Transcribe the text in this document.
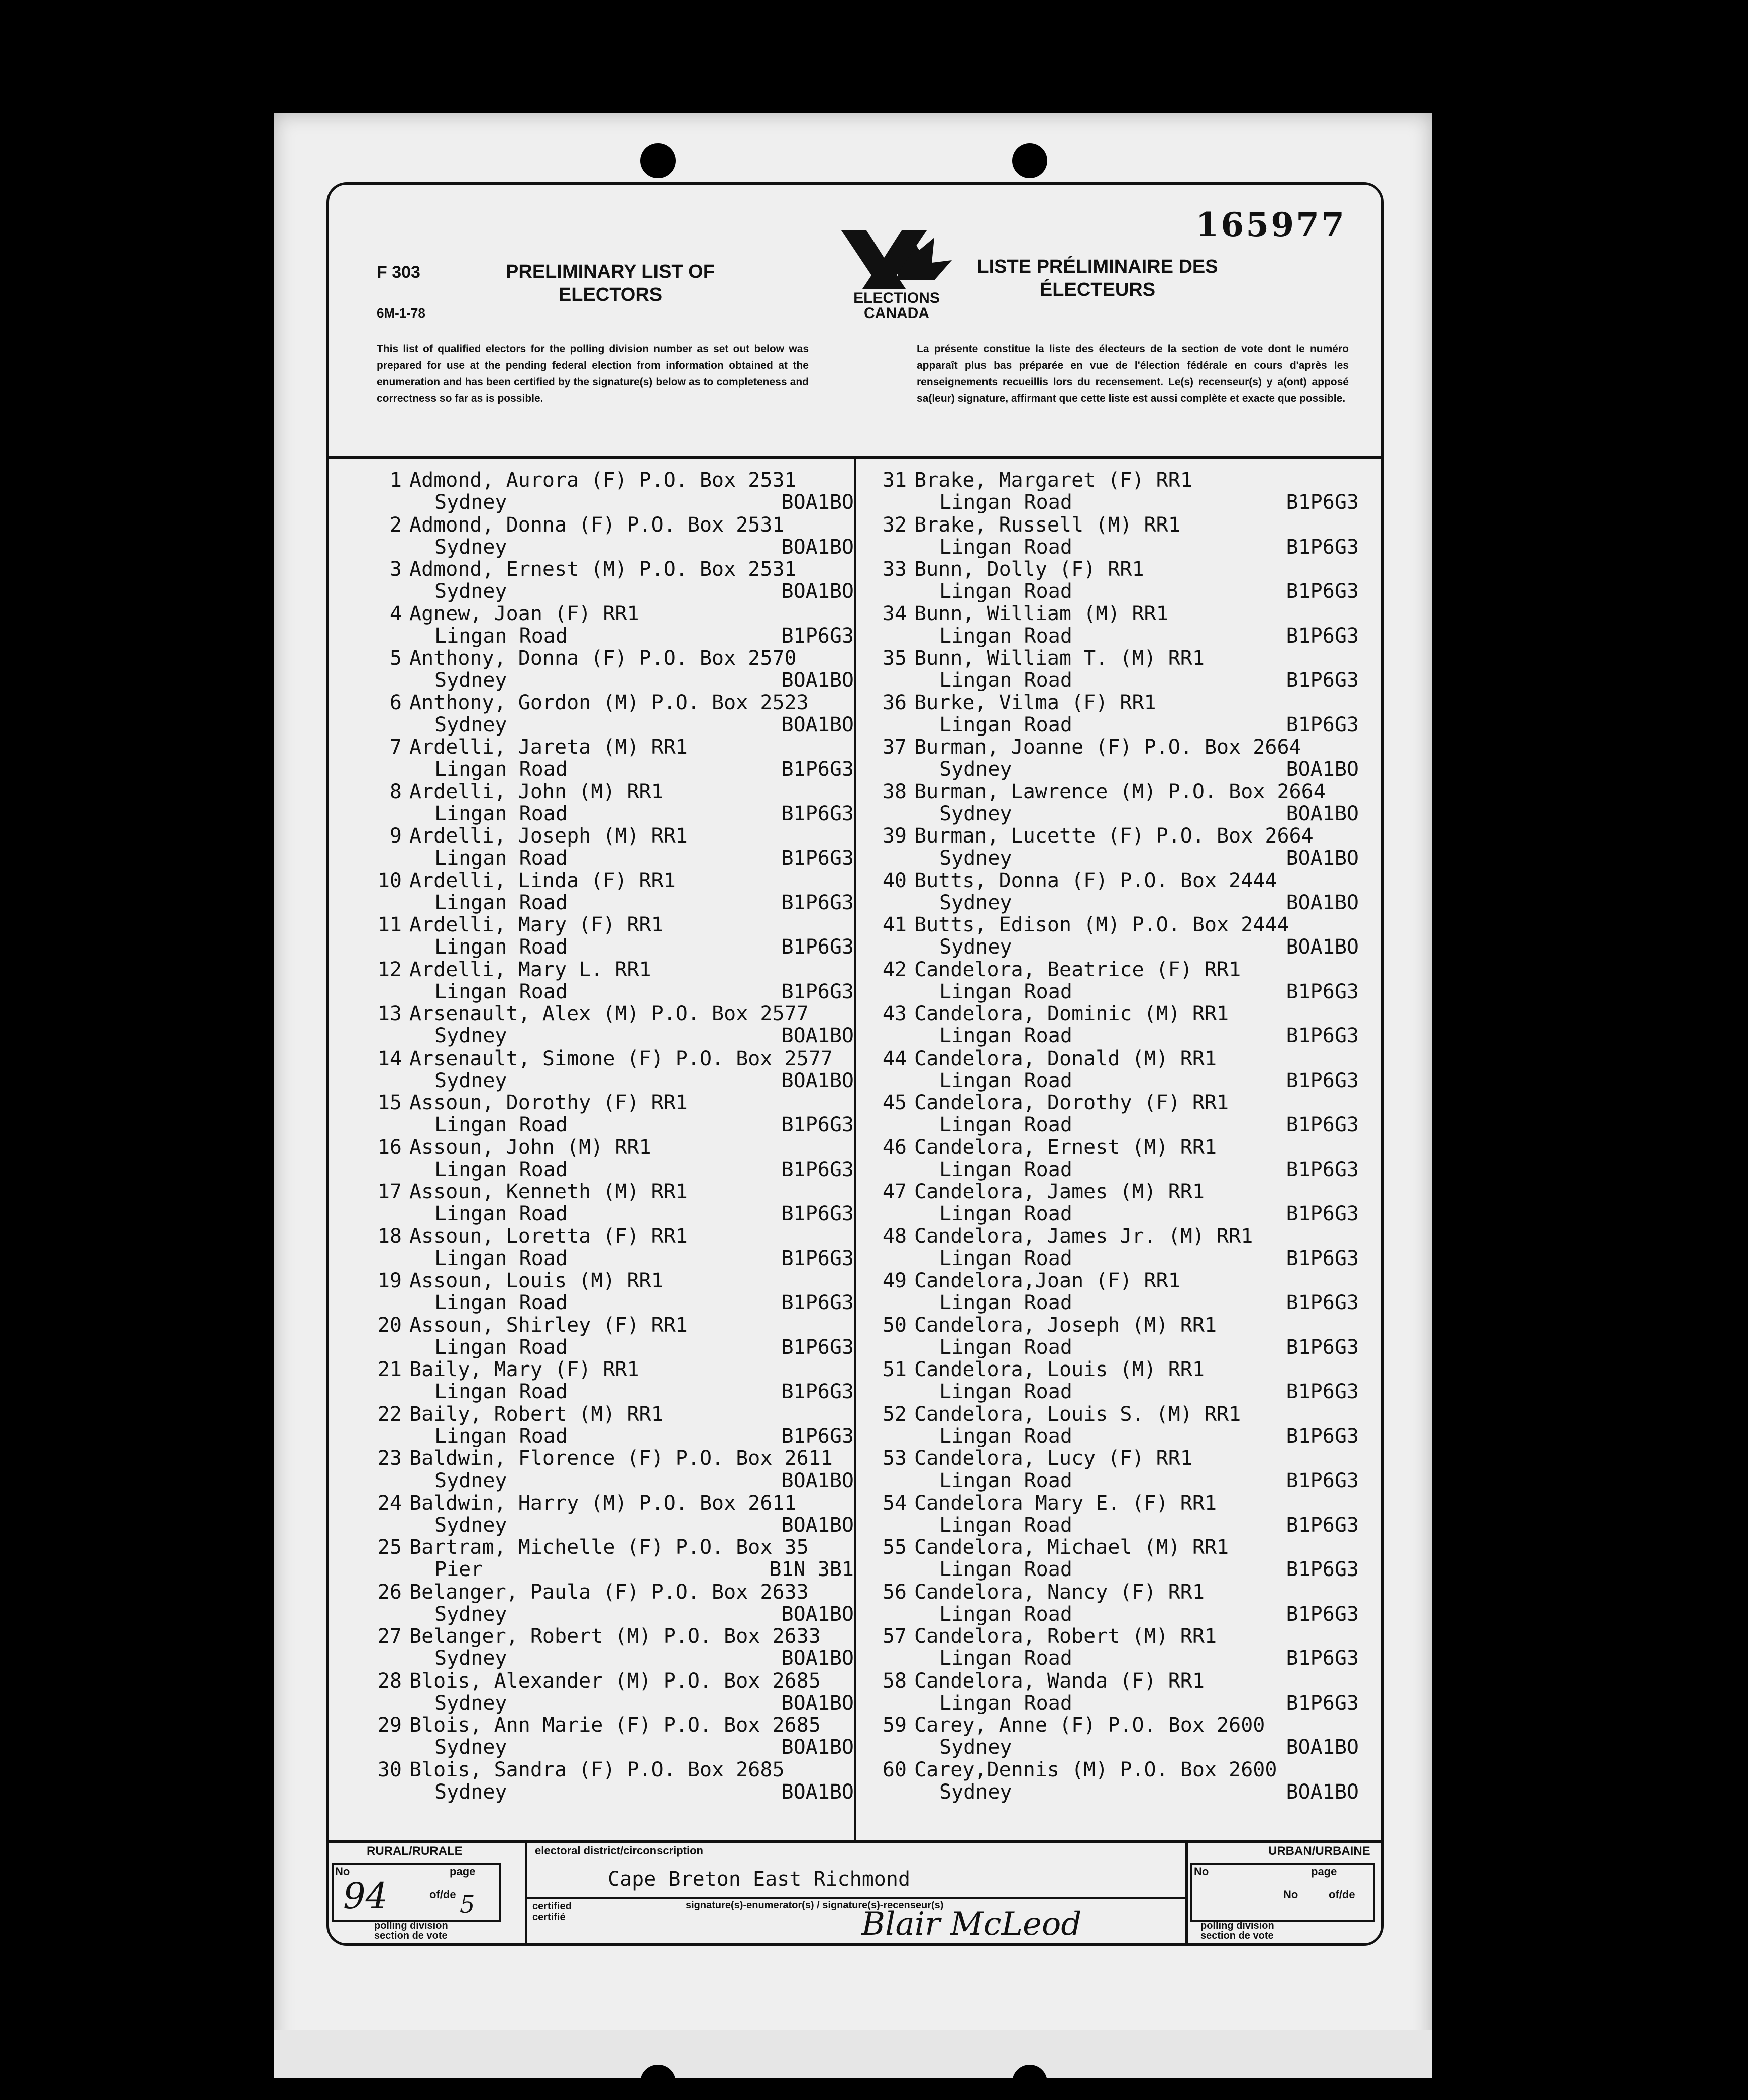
165977
F 303
6M-1-78
PRELIMINARY LIST OF ELECTORS
LISTE PRÉLIMINAIRE DES ÉLECTEURS
ELECTIONS
CANADA
This list of qualified electors for the polling division number as set out below was prepared for use at the pending federal election from information obtained at the enumeration and has been certified by the signature(s) below as to completeness and correctness so far as is possible.
La présente constitue la liste des électeurs de la section de vote dont le numéro apparaît plus bas préparée en vue de l'élection fédérale en cours d'après les renseignements recueillis lors du recensement. Le(s) recenseur(s) y a(ont) apposé sa(leur) signature, affirmant que cette liste est aussi complète et exacte que possible.
1 Admond, Aurora (F) P.O. Box 2531
Sydney	BOA1BO
2 Admond, Donna (F) P.O. Box 2531
Sydney	BOA1BO
3 Admond, Ernest (M) P.O. Box 2531
Sydney	BOA1BO
4 Agnew, Joan (F) RR1
Lingan Road	B1P6G3
5 Anthony, Donna (F) P.O. Box 2570
Sydney	BOA1BO
6 Anthony, Gordon (M) P.O. Box 2523
Sydney	BOA1BO
7 Ardelli, Jareta (M) RR1
Lingan Road	B1P6G3
8 Ardelli, John (M) RR1
Lingan Road	B1P6G3
9 Ardelli, Joseph (M) RR1
Lingan Road	B1P6G3
10 Ardelli, Linda (F) RR1
Lingan Road	B1P6G3
11 Ardelli, Mary (F) RR1
Lingan Road	B1P6G3
12 Ardelli, Mary L. RR1
Lingan Road	B1P6G3
13 Arsenault, Alex (M) P.O. Box 2577
Sydney	BOA1BO
14 Arsenault, Simone (F) P.O. Box 2577
Sydney	BOA1BO
15 Assoun, Dorothy (F) RR1
Lingan Road	B1P6G3
16 Assoun, John (M) RR1
Lingan Road	B1P6G3
17 Assoun, Kenneth (M) RR1
Lingan Road	B1P6G3
18 Assoun, Loretta (F) RR1
Lingan Road	B1P6G3
19 Assoun, Louis (M) RR1
Lingan Road	B1P6G3
20 Assoun, Shirley (F) RR1
Lingan Road	B1P6G3
21 Baily, Mary (F) RR1
Lingan Road	B1P6G3
22 Baily, Robert (M) RR1
Lingan Road	B1P6G3
23 Baldwin, Florence (F) P.O. Box 2611
Sydney	BOA1BO
24 Baldwin, Harry (M) P.O. Box 2611
Sydney	BOA1BO
25 Bartram, Michelle (F) P.O. Box 35
Pier	B1N 3B1
26 Belanger, Paula (F) P.O. Box 2633
Sydney	BOA1BO
27 Belanger, Robert (M) P.O. Box 2633
Sydney	BOA1BO
28 Blois, Alexander (M) P.O. Box 2685
Sydney	BOA1BO
29 Blois, Ann Marie (F) P.O. Box 2685
Sydney	BOA1BO
30 Blois, Sandra (F) P.O. Box 2685
Sydney	BOA1BO
31 Brake, Margaret (F) RR1
Lingan Road	B1P6G3
32 Brake, Russell (M) RR1
Lingan Road	B1P6G3
33 Bunn, Dolly (F) RR1
Lingan Road	B1P6G3
34 Bunn, William (M) RR1
Lingan Road	B1P6G3
35 Bunn, William T. (M) RR1
Lingan Road	B1P6G3
36 Burke, Vilma (F) RR1
Lingan Road	B1P6G3
37 Burman, Joanne (F) P.O. Box 2664
Sydney	BOA1BO
38 Burman, Lawrence (M) P.O. Box 2664
Sydney	BOA1BO
39 Burman, Lucette (F) P.O. Box 2664
Sydney	BOA1BO
40 Butts, Donna (F) P.O. Box 2444
Sydney	BOA1BO
41 Butts, Edison (M) P.O. Box 2444
Sydney	BOA1BO
42 Candelora, Beatrice (F) RR1
Lingan Road	B1P6G3
43 Candelora, Dominic (M) RR1
Lingan Road	B1P6G3
44 Candelora, Donald (M) RR1
Lingan Road	B1P6G3
45 Candelora, Dorothy (F) RR1
Lingan Road	B1P6G3
46 Candelora, Ernest (M) RR1
Lingan Road	B1P6G3
47 Candelora, James (M) RR1
Lingan Road	B1P6G3
48 Candelora, James Jr. (M) RR1
Lingan Road	B1P6G3
49 Candelora,Joan (F) RR1
Lingan Road	B1P6G3
50 Candelora, Joseph (M) RR1
Lingan Road	B1P6G3
51 Candelora, Louis (M) RR1
Lingan Road	B1P6G3
52 Candelora, Louis S. (M) RR1
Lingan Road	B1P6G3
53 Candelora, Lucy (F) RR1
Lingan Road	B1P6G3
54 Candelora Mary E. (F) RR1
Lingan Road	B1P6G3
55 Candelora, Michael (M) RR1
Lingan Road	B1P6G3
56 Candelora, Nancy (F) RR1
Lingan Road	B1P6G3
57 Candelora, Robert (M) RR1
Lingan Road	B1P6G3
58 Candelora, Wanda (F) RR1
Lingan Road	B1P6G3
59 Carey, Anne (F) P.O. Box 2600
Sydney	BOA1BO
60 Carey,Dennis (M) P.O. Box 2600
Sydney	BOA1BO
RURAL/RURALE
No	page
94	of/de 5
polling division section de vote
electoral district/circonscription
Cape Breton East Richmond
certified certifié
signature(s)-enumerator(s) / signature(s)-recenseur(s)
Blair McLeod
URBAN/URBAINE
No	page
No	of/de
polling division section de vote
